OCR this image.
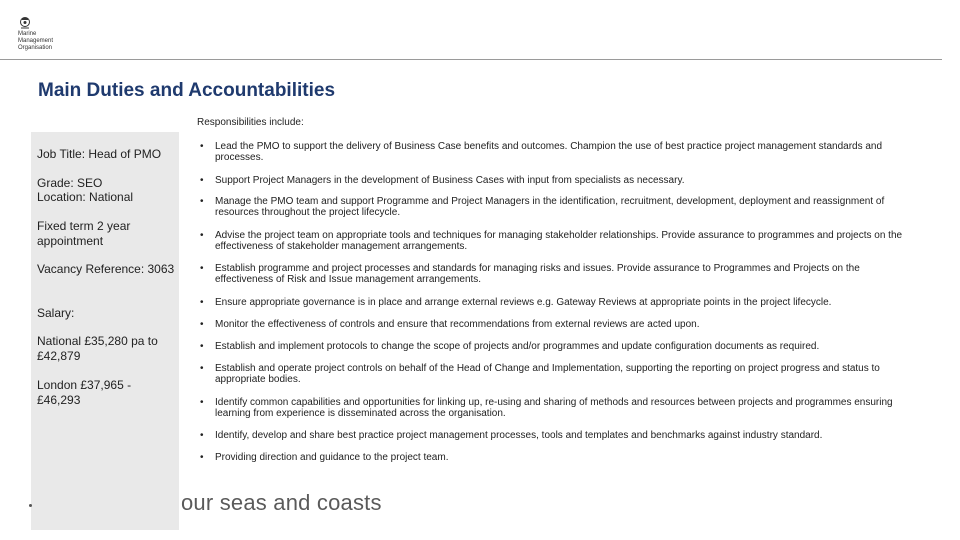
Marine
Management
Organisation
Main Duties and Accountabilities
Job Title: Head of PMO
Grade: SEO
Location: National
Fixed term 2 year appointment
Vacancy Reference: 3063
Salary:
National £35,280 pa to £42,879
London £37,965 - £46,293
Responsibilities include:
• Lead the PMO to support the delivery of Business Case benefits and outcomes. Champion the use of best practice project management standards and processes.
• Support Project Managers in the development of Business Cases with input from specialists as necessary.
• Manage the PMO team and support Programme and Project Managers in the identification, recruitment, development, deployment and reassignment of resources throughout the project lifecycle.
• Advise the project team on appropriate tools and techniques for managing stakeholder relationships. Provide assurance to programmes and projects on the effectiveness of stakeholder management arrangements.
• Establish programme and project processes and standards for managing risks and issues. Provide assurance to Programmes and Projects on the effectiveness of Risk and Issue management arrangements.
• Ensure appropriate governance is in place and arrange external reviews e.g. Gateway Reviews at appropriate points in the project lifecycle.
• Monitor the effectiveness of controls and ensure that recommendations from external reviews are acted upon.
• Establish and implement protocols to change the scope of projects and/or programmes and update configuration documents as required.
• Establish and operate project controls on behalf of the Head of Change and Implementation, supporting the reporting on project progress and status to appropriate bodies.
• Identify common capabilities and opportunities for linking up, re-using and sharing of methods and resources between projects and programmes ensuring learning from experience is disseminated across the organisation.
• Identify, develop and share best practice project management processes, tools and templates and benchmarks against industry standard.
• Providing direction and guidance to the project team.
our seas and coasts
